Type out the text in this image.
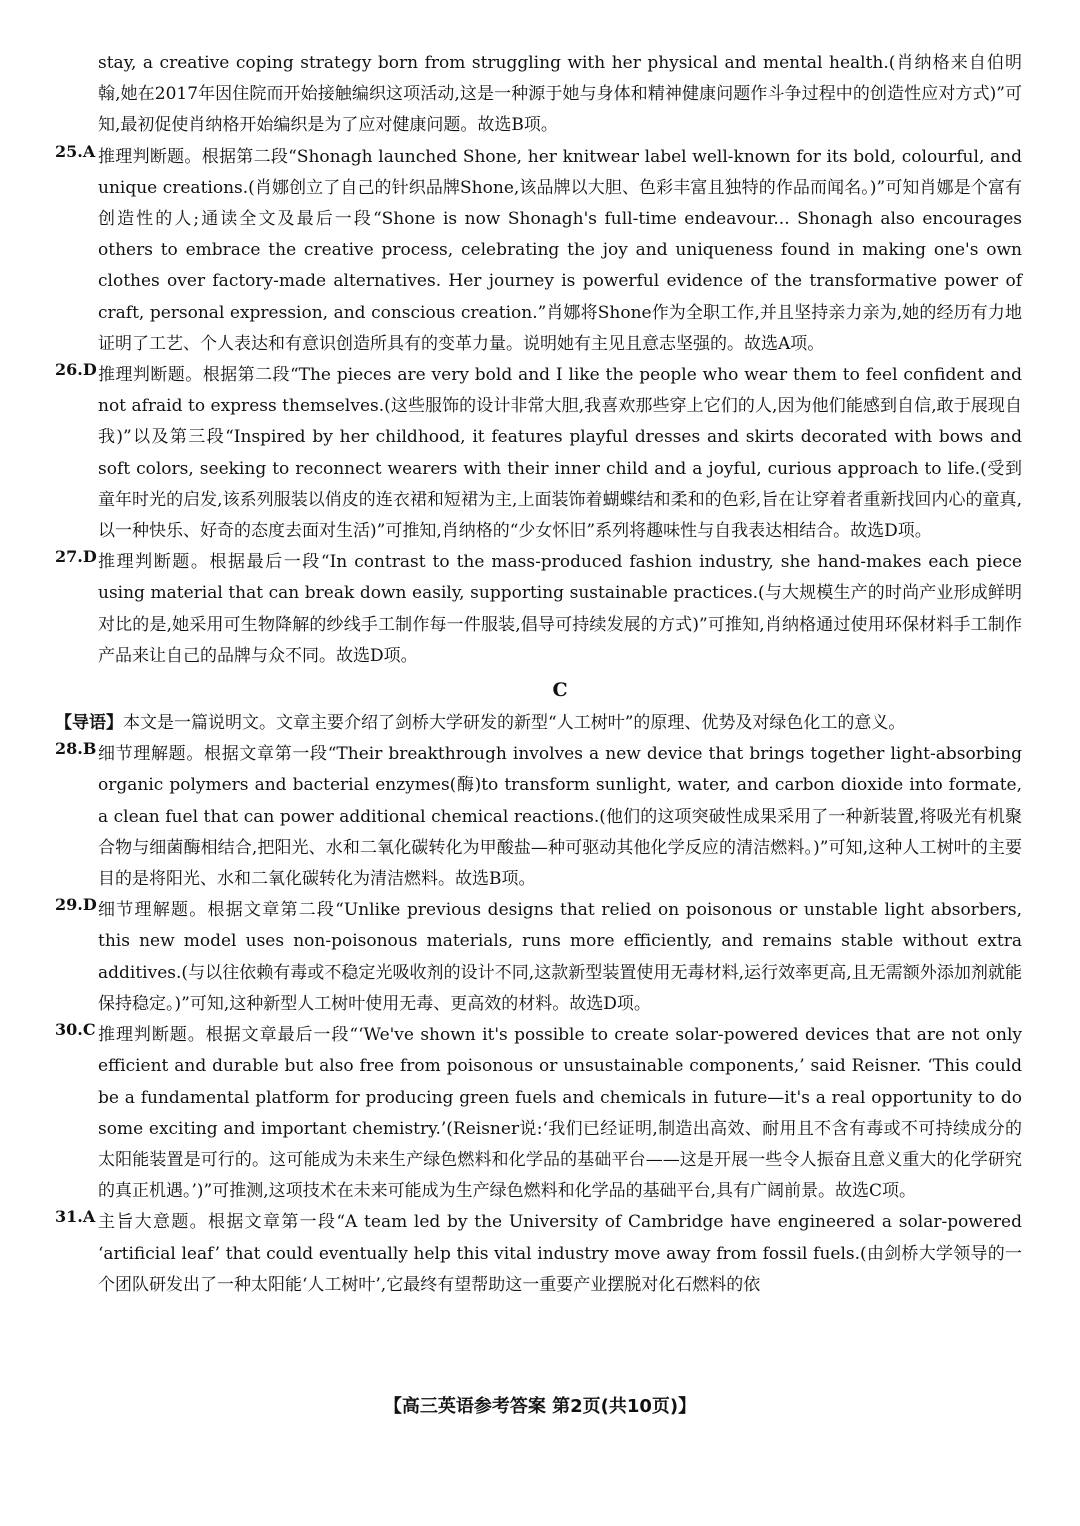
stay, a creative coping strategy born from struggling with her physical and mental health.(肖纳格来自伯明翰,她在2017年因住院而开始接触编织这项活动,这是一种源于她与身体和精神健康问题作斗争过程中的创造性应对方式)”可知,最初促使肖纳格开始编织是为了应对健康问题。故选B项。

25.A 推理判断题。根据第二段“Shonagh launched Shone, her knitwear label well-known for its bold, colourful, and unique creations.(肖娜创立了自己的针织品牌Shone,该品牌以大胆、色彩丰富且独特的作品而闻名。)”可知肖娜是个富有创造性的人;通读全文及最后一段“Shone is now Shonagh's full-time endeavour... Shonagh also encourages others to embrace the creative process, celebrating the joy and uniqueness found in making one's own clothes over factory-made alternatives. Her journey is powerful evidence of the transformative power of craft, personal expression, and conscious creation.”肖娜将Shone作为全职工作,并且坚持亲力亲为,她的经历有力地证明了工艺、个人表达和有意识创造所具有的变革力量。说明她有主见且意志坚强的。故选A项。

26.D 推理判断题。根据第二段“The pieces are very bold and I like the people who wear them to feel confident and not afraid to express themselves.(这些服饰的设计非常大胆,我喜欢那些穿上它们的人,因为他们能感到自信,敢于展现自我)”以及第三段“Inspired by her childhood, it features playful dresses and skirts decorated with bows and soft colors, seeking to reconnect wearers with their inner child and a joyful, curious approach to life.(受到童年时光的启发,该系列服装以俏皮的连衣裙和短裙为主,上面装饰着蝴蝶结和柔和的色彩,旨在让穿着者重新找回内心的童真,以一种快乐、好奇的态度去面对生活)”可推知,肖纳格的“少女怀旧”系列将趣味性与自我表达相结合。故选D项。

27.D 推理判断题。根据最后一段“In contrast to the mass-produced fashion industry, she hand-makes each piece using material that can break down easily, supporting sustainable practices.(与大规模生产的时尚产业形成鲜明对比的是,她采用可生物降解的纱线手工制作每一件服装,倡导可持续发展的方式)”可推知,肖纳格通过使用环保材料手工制作产品来让自己的品牌与众不同。故选D项。

C

【导语】本文是一篇说明文。文章主要介绍了剑桥大学研发的新型“人工树叶”的原理、优势及对绿色化工的意义。

28.B 细节理解题。根据文章第一段“Their breakthrough involves a new device that brings together light-absorbing organic polymers and bacterial enzymes(酶)to transform sunlight, water, and carbon dioxide into formate, a clean fuel that can power additional chemical reactions.(他们的这项突破性成果采用了一种新装置,将吸光有机聚合物与细菌酶相结合,把阳光、水和二氧化碳转化为甲酸盐—种可驱动其他化学反应的清洁燃料。)”可知,这种人工树叶的主要目的是将阳光、水和二氧化碳转化为清洁燃料。故选B项。

29.D 细节理解题。根据文章第二段“Unlike previous designs that relied on poisonous or unstable light absorbers, this new model uses non-poisonous materials, runs more efficiently, and remains stable without extra additives.(与以往依赖有毒或不稳定光吸收剂的设计不同,这款新型装置使用无毒材料,运行效率更高,且无需额外添加剂就能保持稳定。)”可知,这种新型人工树叶使用无毒、更高效的材料。故选D项。

30.C 推理判断题。根据文章最后一段“‘We've shown it's possible to create solar-powered devices that are not only efficient and durable but also free from poisonous or unsustainable components,’ said Reisner. ‘This could be a fundamental platform for producing green fuels and chemicals in future—it's a real opportunity to do some exciting and important chemistry.’(Reisner说:‘我们已经证明,制造出高效、耐用且不含有毒或不可持续成分的太阳能装置是可行的。这可能成为未来生产绿色燃料和化学品的基础平台——这是开展一些令人振奋且意义重大的化学研究的真正机遇。’)”可推测,这项技术在未来可能成为生产绿色燃料和化学品的基础平台,具有广阔前景。故选C项。

31.A 主旨大意题。根据文章第一段“A team led by the University of Cambridge have engineered a solar-powered ‘artificial leaf’ that could eventually help this vital industry move away from fossil fuels.(由剑桥大学领导的一个团队研发出了一种太阳能‘人工树叶’,它最终有望帮助这一重要产业摆脱对化石燃料的依

【高三英语参考答案 第2页(共10页)】
